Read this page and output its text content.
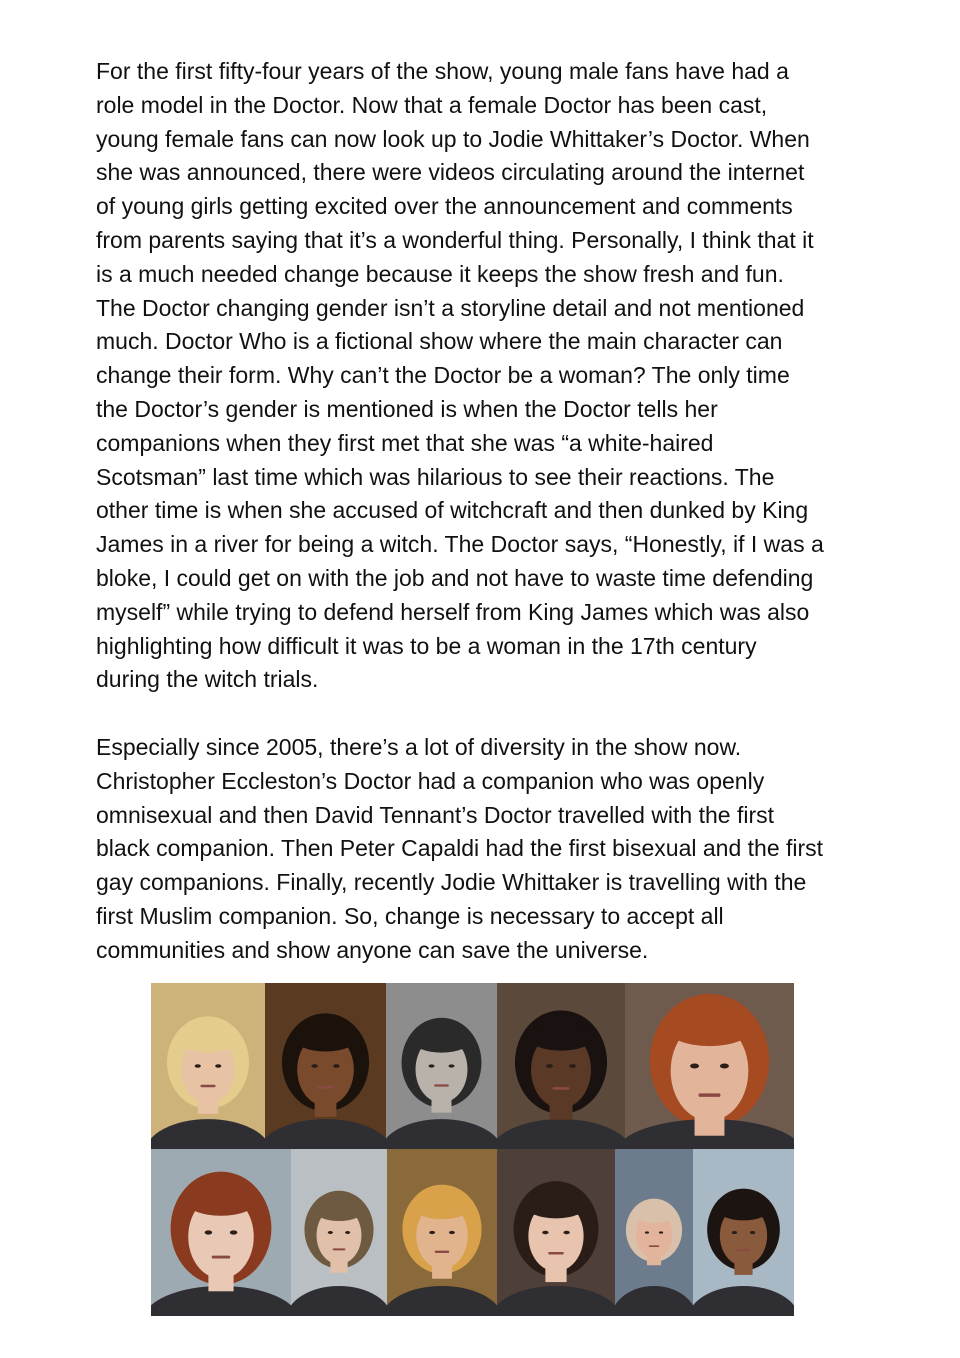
For the first fifty-four years of the show, young male fans have had a
role model in the Doctor. Now that a female Doctor has been cast,
young female fans can now look up to Jodie Whittaker’s Doctor. When
she was announced, there were videos circulating around the internet
of young girls getting excited over the announcement and comments
from parents saying that it’s a wonderful thing. Personally, I think that it
is a much needed change because it keeps the show fresh and fun.
The Doctor changing gender isn’t a storyline detail and not mentioned
much. Doctor Who is a fictional show where the main character can
change their form. Why can’t the Doctor be a woman? The only time
the Doctor’s gender is mentioned is when the Doctor tells her
companions when they first met that she was “a white-haired
Scotsman” last time which was hilarious to see their reactions. The
other time is when she accused of witchcraft and then dunked by King
James in a river for being a witch. The Doctor says, “Honestly, if I was a
bloke, I could get on with the job and not have to waste time defending
myself” while trying to defend herself from King James which was also
highlighting how difficult it was to be a woman in the 17th century
during the witch trials.
Especially since 2005, there’s a lot of diversity in the show now.
Christopher Eccleston’s Doctor had a companion who was openly
omnisexual and then David Tennant’s Doctor travelled with the first
black companion. Then Peter Capaldi had the first bisexual and the first
gay companions. Finally, recently Jodie Whittaker is travelling with the
first Muslim companion. So, change is necessary to accept all
communities and show anyone can save the universe.
